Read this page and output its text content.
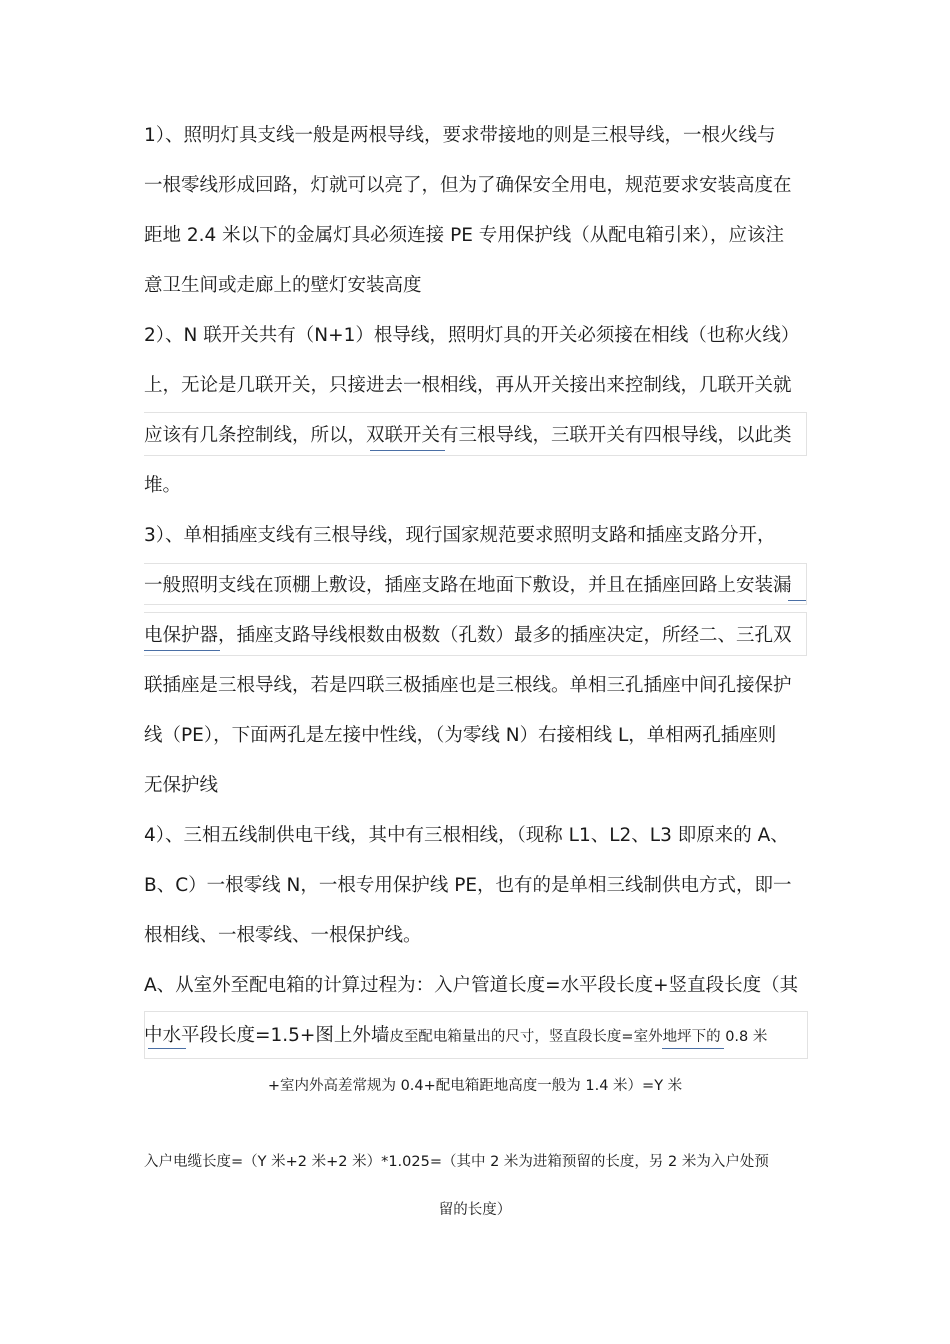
1）、照明灯具支线一般是两根导线，要求带接地的则是三根导线，一根火线与
一根零线形成回路，灯就可以亮了，但为了确保安全用电，规范要求安装高度在
距地 2.4 米以下的金属灯具必须连接 PE 专用保护线（从配电箱引来），应该注
意卫生间或走廊上的壁灯安装高度
2）、N 联开关共有（N+1）根导线，照明灯具的开关必须接在相线（也称火线）
上，无论是几联开关，只接进去一根相线，再从开关接出来控制线，几联开关就
应该有几条控制线，所以，双联开关有三根导线，三联开关有四根导线，以此类
堆。
3）、单相插座支线有三根导线，现行国家规范要求照明支路和插座支路分开，
一般照明支线在顶棚上敷设，插座支路在地面下敷设，并且在插座回路上安装漏
电保护器，插座支路导线根数由极数（孔数）最多的插座决定，所经二、三孔双
联插座是三根导线，若是四联三极插座也是三根线。单相三孔插座中间孔接保护
线（PE），下面两孔是左接中性线，（为零线 N）右接相线 L，单相两孔插座则
无保护线
4）、三相五线制供电干线，其中有三根相线，（现称 L1、L2、L3 即原来的 A、
B、C）一根零线 N，一根专用保护线 PE，也有的是单相三线制供电方式，即一
根相线、一根零线、一根保护线。
A、从室外至配电箱的计算过程为：入户管道长度=水平段长度+竖直段长度（其
中水平段长度=1.5+图上外墙皮至配电箱量出的尺寸，竖直段长度=室外地坪下的 0.8 米
+室内外高差常规为 0.4+配电箱距地高度一般为 1.4 米）=Y 米
入户电缆长度=（Y 米+2 米+2 米）*1.025=（其中 2 米为进箱预留的长度，另 2 米为入户处预
留的长度）
